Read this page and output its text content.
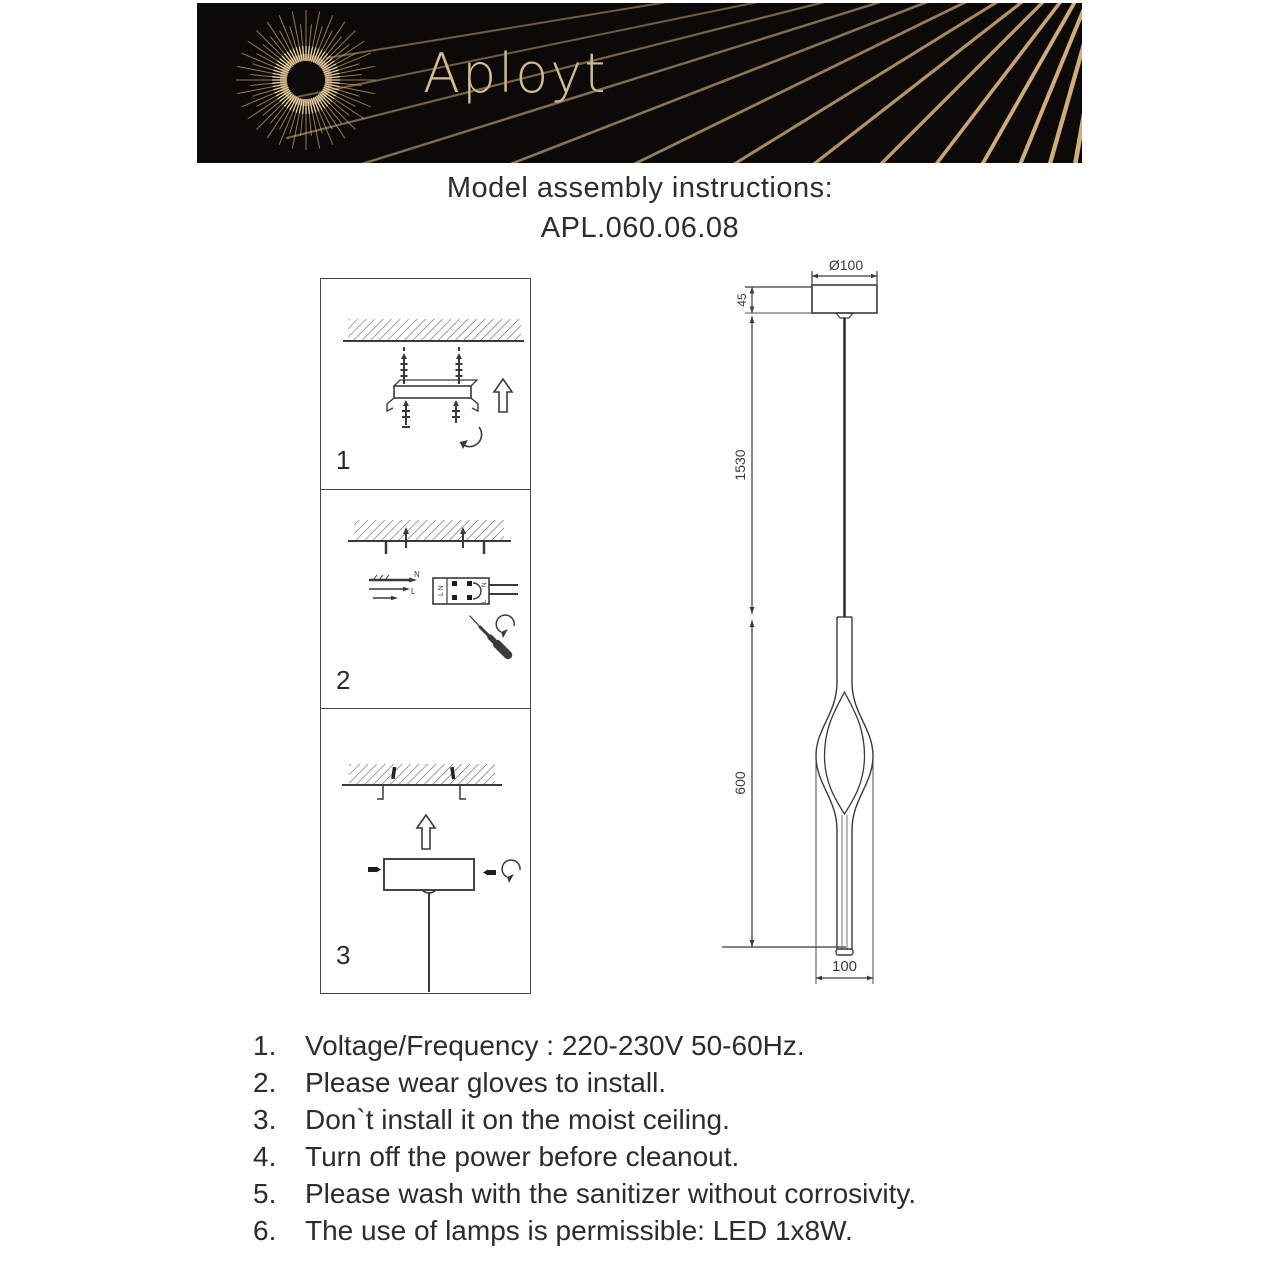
Aployt
Model assembly instructions:
APL.060.06.08
1
N
L	L N
N
L
2
3
Ø100
45
1530
600
100
1.	Voltage/Frequency : 220-230V 50-60Hz.
2.	Please wear gloves to install.
3.	Don`t install it on the moist ceiling.
4.	Turn off the power before cleanout.
5.	Please wash with the sanitizer without corrosivity.
6.	The use of lamps is permissible: LED 1x8W.
